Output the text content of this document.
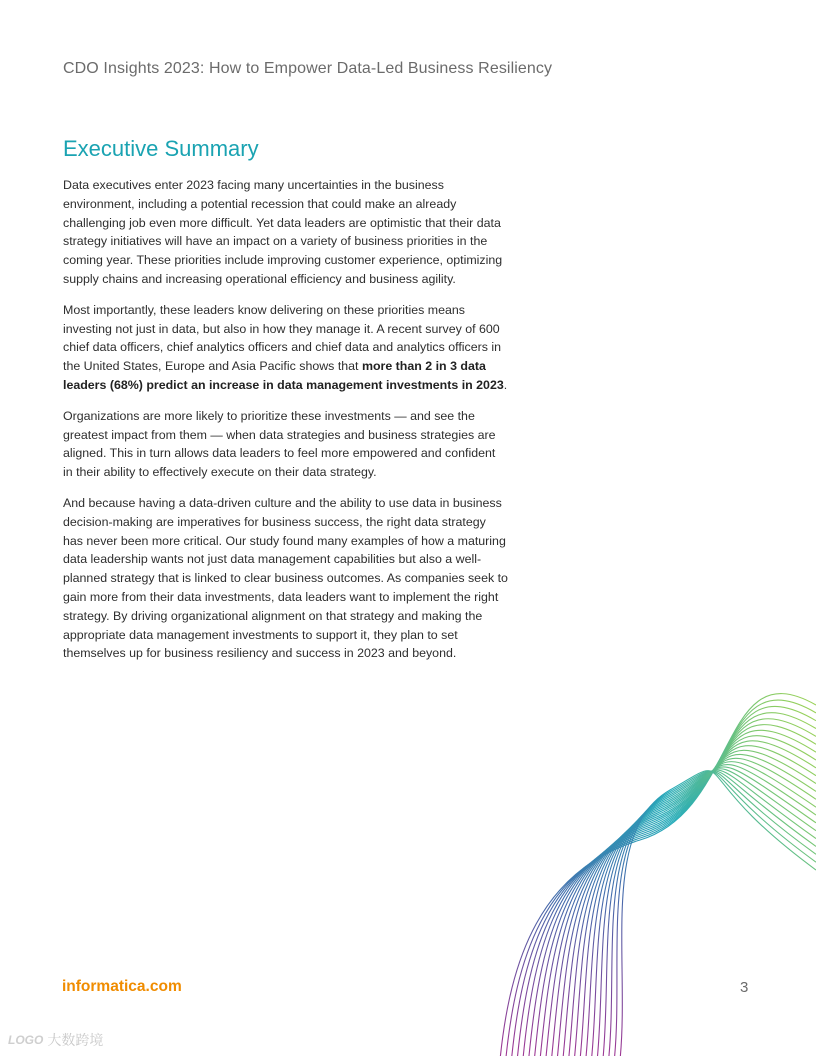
CDO Insights 2023: How to Empower Data-Led Business Resiliency
Executive Summary

Data executives enter 2023 facing many uncertainties in the business environment, including a potential recession that could make an already challenging job even more difficult. Yet data leaders are optimistic that their data strategy initiatives will have an impact on a variety of business priorities in the coming year. These priorities include improving customer experience, optimizing supply chains and increasing operational efficiency and business agility.

Most importantly, these leaders know delivering on these priorities means investing not just in data, but also in how they manage it. A recent survey of 600 chief data officers, chief analytics officers and chief data and analytics officers in the United States, Europe and Asia Pacific shows that more than 2 in 3 data leaders (68%) predict an increase in data management investments in 2023.

Organizations are more likely to prioritize these investments — and see the greatest impact from them — when data strategies and business strategies are aligned. This in turn allows data leaders to feel more empowered and confident in their ability to effectively execute on their data strategy.

And because having a data-driven culture and the ability to use data in business decision-making are imperatives for business success, the right data strategy has never been more critical. Our study found many examples of how a maturing data leadership wants not just data management capabilities but also a well-planned strategy that is linked to clear business outcomes. As companies seek to gain more from their data investments, data leaders want to implement the right strategy. By driving organizational alignment on that strategy and making the appropriate data management investments to support it, they plan to set themselves up for business resiliency and success in 2023 and beyond.

informatica.com	3
LOGO 大数跨境
